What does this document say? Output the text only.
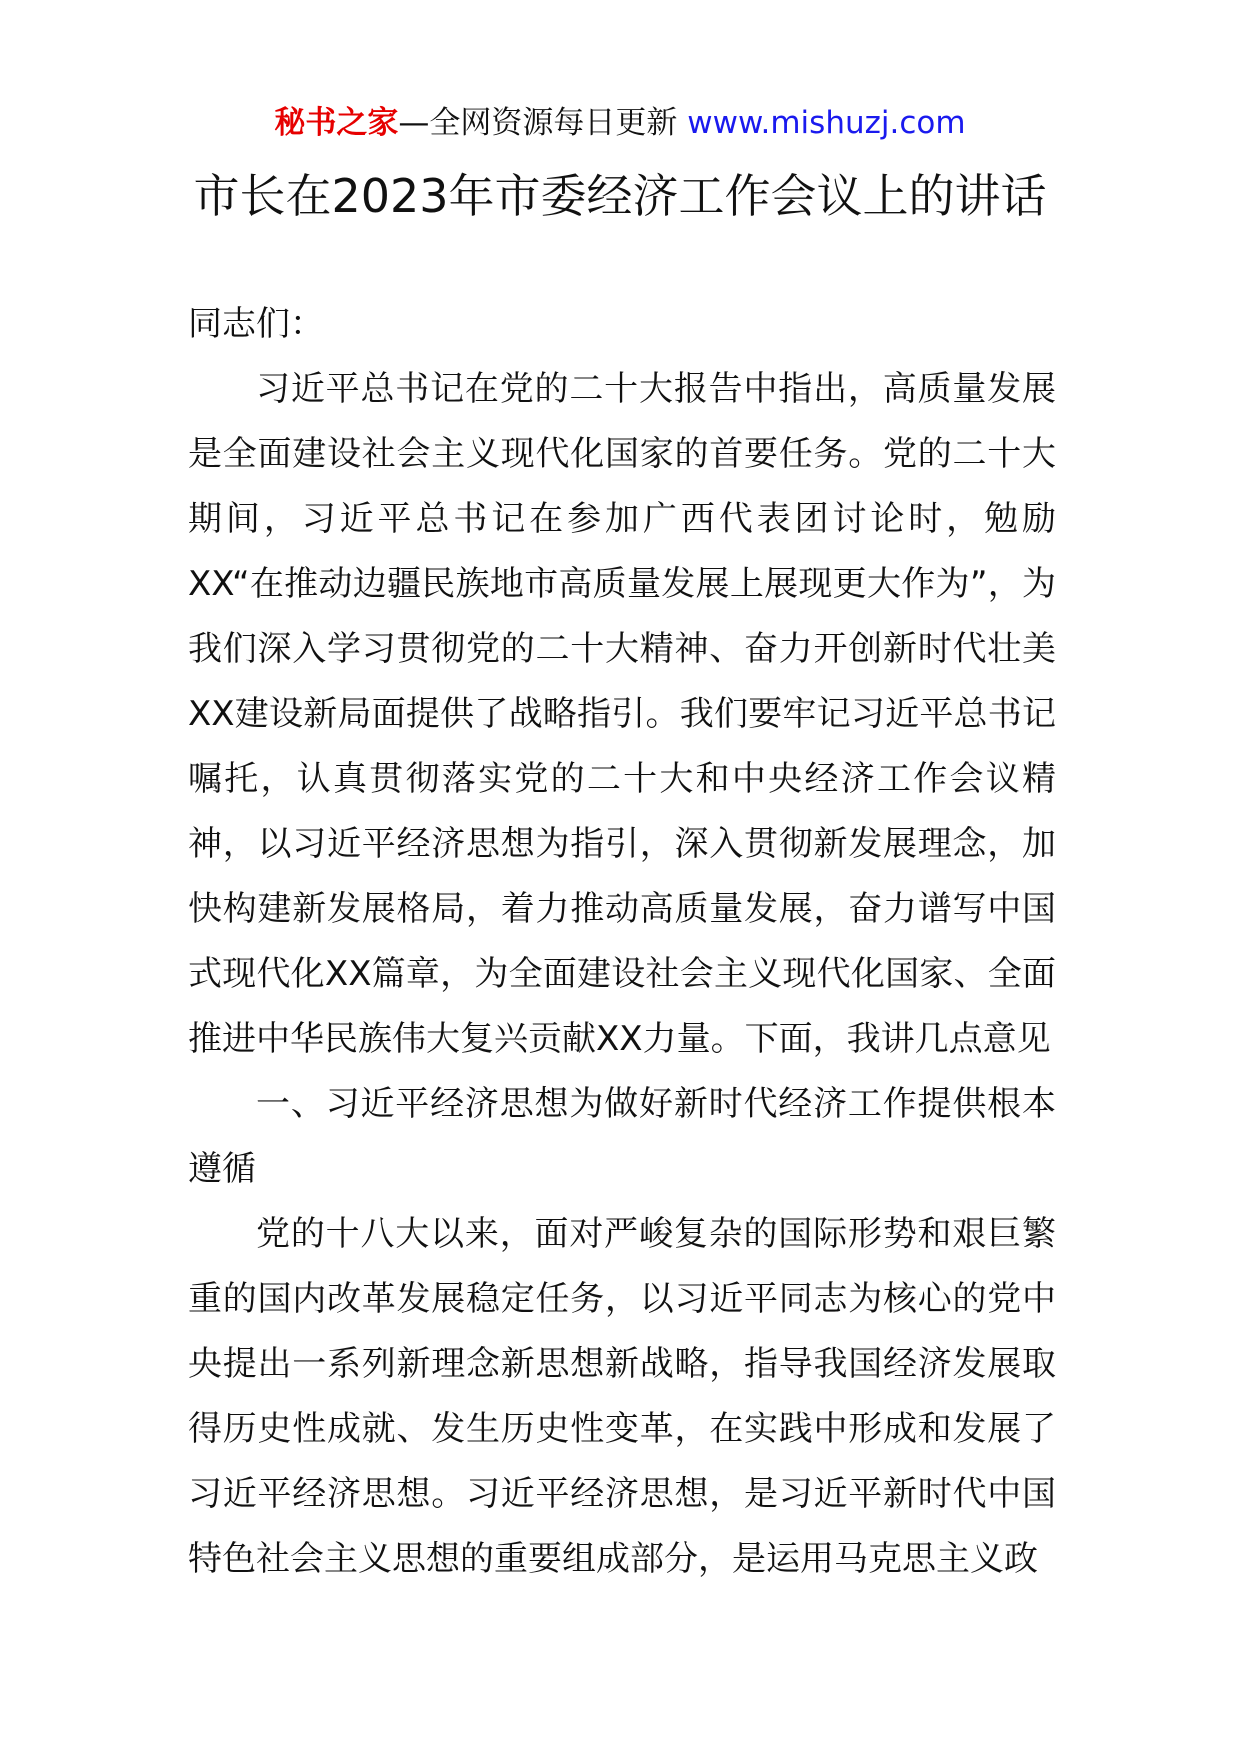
秘书之家—全网资源每日更新 www.mishuzj.com
市长在2023年市委经济工作会议上的讲话

同志们：

习近平总书记在党的二十大报告中指出，高质量发展是全面建设社会主义现代化国家的首要任务。党的二十大期间，习近平总书记在参加广西代表团讨论时，勉励XX“在推动边疆民族地市高质量发展上展现更大作为”，为我们深入学习贯彻党的二十大精神、奋力开创新时代壮美XX建设新局面提供了战略指引。我们要牢记习近平总书记嘱托，认真贯彻落实党的二十大和中央经济工作会议精神，以习近平经济思想为指引，深入贯彻新发展理念，加快构建新发展格局，着力推动高质量发展，奋力谱写中国式现代化XX篇章，为全面建设社会主义现代化国家、全面推进中华民族伟大复兴贡献XX力量。下面，我讲几点意见

一、习近平经济思想为做好新时代经济工作提供根本遵循

党的十八大以来，面对严峻复杂的国际形势和艰巨繁重的国内改革发展稳定任务，以习近平同志为核心的党中央提出一系列新理念新思想新战略，指导我国经济发展取得历史性成就、发生历史性变革，在实践中形成和发展了习近平经济思想。习近平经济思想，是习近平新时代中国特色社会主义思想的重要组成部分，是运用马克思主义政
